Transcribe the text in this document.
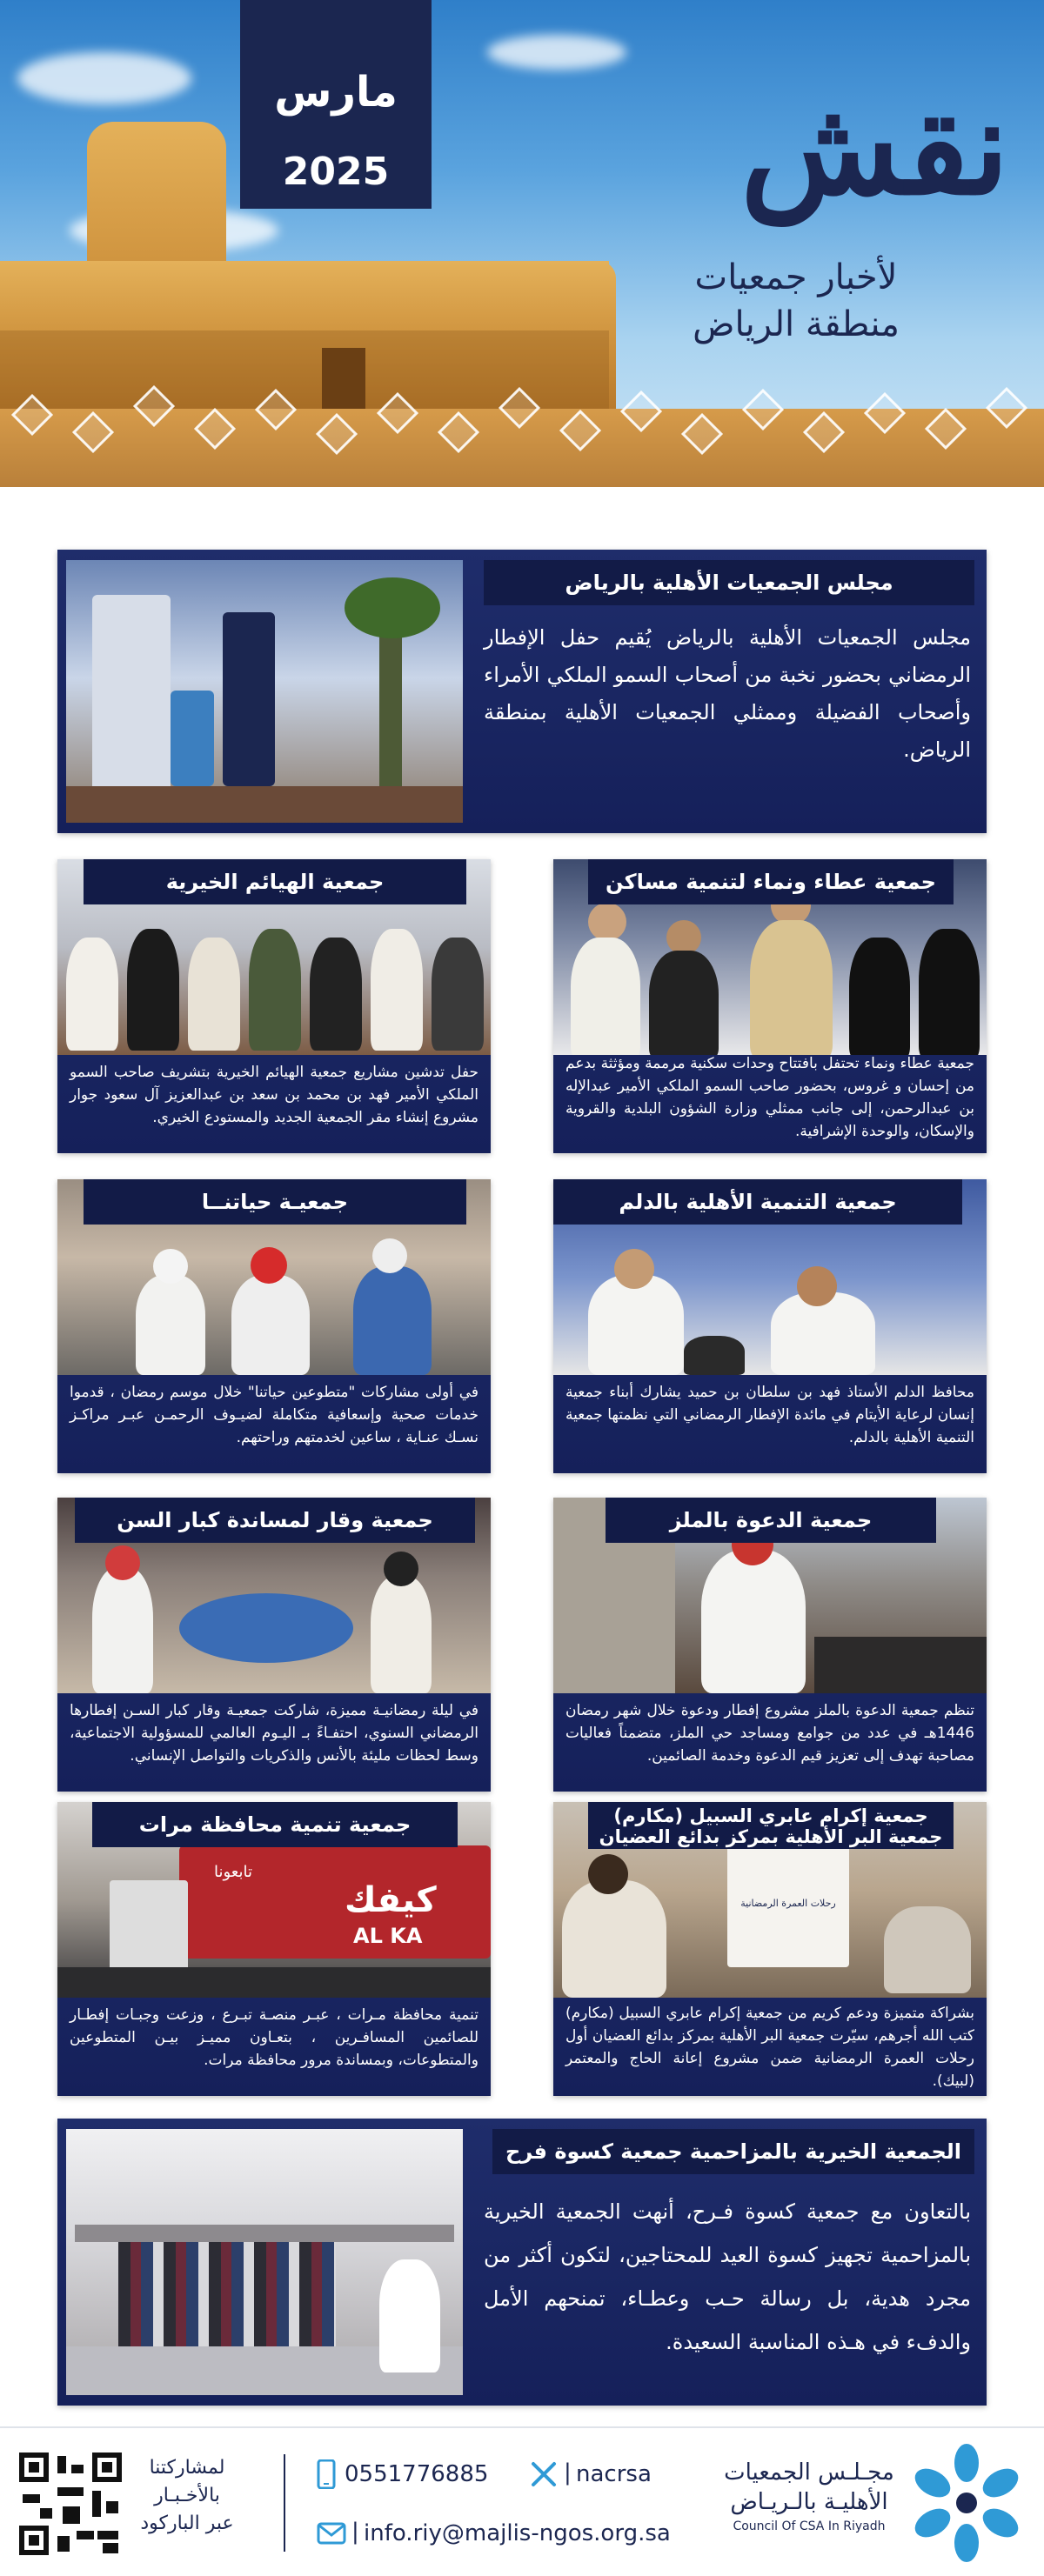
مارس
2025	نقش
لأخبار جمعيات
منطقة الرياض
مجلس الجمعيات الأهلية بالرياض
مجلس الجمعيات الأهلية بالرياض يُقيم حفل الإفطار الرمضاني بحضور نخبة من أصحاب السمو الملكي الأمراء وأصحاب الفضيلة وممثلي الجمعيات الأهلية بمنطقة الرياض.
جمعية عطاء ونماء لتنمية مساكن
جمعية عطاء ونماء تحتفل بافتتاح وحدات سكنية مرممة ومؤثثة بدعم من إحسان و غروس، بحضور صاحب السمو الملكي الأمير عبدالإله بن عبدالرحمن، إلى جانب ممثلي وزارة الشؤون البلدية والقروية والإسكان، والوحدة الإشرافية.
جمعية الهيائم الخيرية
حفل تدشين مشاريع جمعية الهيائم الخيرية بتشريف صاحب السمو الملكي الأمير فهد بن محمد بن سعد بن عبدالعزيز آل سعود جوار مشروع إنشاء مقر الجمعية الجديد والمستودع الخيري.
جمعية التنمية الأهلية بالدلم
محافظ الدلم الأستاذ فهد بن سلطان بن حميد يشارك أبناء جمعية إنسان لرعاية الأيتام في مائدة الإفطار الرمضاني التي نظمتها جمعية التنمية الأهلية بالدلم.
جمعيـة حياتنــا
في أولى مشاركات "متطوعين حياتنا" خلال موسم رمضان ، قدموا خدمات صحية وإسعافية متكاملة لضيـوف الرحمـن عبـر مراكـز نسـك عنـاية ، ساعين لخدمتهم وراحتهم.
جمعية الدعوة بالملز
تنظم جمعية الدعوة بالملز مشروع إفطار ودعوة خلال شهر رمضان 1446هـ في عدد من جوامع ومساجد حي الملز، متضمناً فعاليات مصاحبة تهدف إلى تعزيز قيم الدعوة وخدمة الصائمين.
جمعية وقار لمساندة كبار السن
في ليلة رمضانيـة مميزة، شاركت جمعيـة وقار كبار السـن إفطارها الرمضاني السنوي، احتفـاءً بـ اليـوم العالمي للمسؤولية الاجتماعية، وسط لحظات مليئة بالأنس والذكريات والتواصل الإنساني.
رحلات العمرة الرمضانية
جمعية إكرام عابري السبيل (مكارم)
جمعية البر الأهلية بمركز بدائع العضيان
بشراكة متميزة ودعم كريم من جمعية إكرام عابري السبيل (مكارم) كتب الله أجرهم، سيّرت جمعية البر الأهلية بمركز بدائع العضيان أول رحلات العمرة الرمضانية ضمن مشروع إعانة الحاج والمعتمر (لبيك).
كيفك
AL KA
تابعونا
جمعية تنمية محافظة مرات
تنمية محافظة مـرات ، عبـر منصـة تبـرع ، وزعت وجبـات إفطـار للصائمين المسافـرين ، بتعـاون مميـز بيـن المتطوعين والمتطوعات، وبمساندة مرور محافظة مرات.
الجمعية الخيرية بالمزاحمية جمعية كسوة فرح
بالتعاون مع جمعية كسوة فـرح، أنهت الجمعية الخيرية بالمزاحمية تجهيز كسوة العيد للمحتاجين، لتكون أكثر من مجرد هدية، بل رسالة حـب وعطـاء، تمنحهم الأمل والدفء في هـذه المناسبة السعيدة.
لمشاركتنا
بالأخـبـار
عبر الباركود
0551776885	| nacrsa
| info.riy@majlis-ngos.org.sa
مجـلـس الجمعيات
الأهليـة بالـريـاض
Council Of CSA In Riyadh
